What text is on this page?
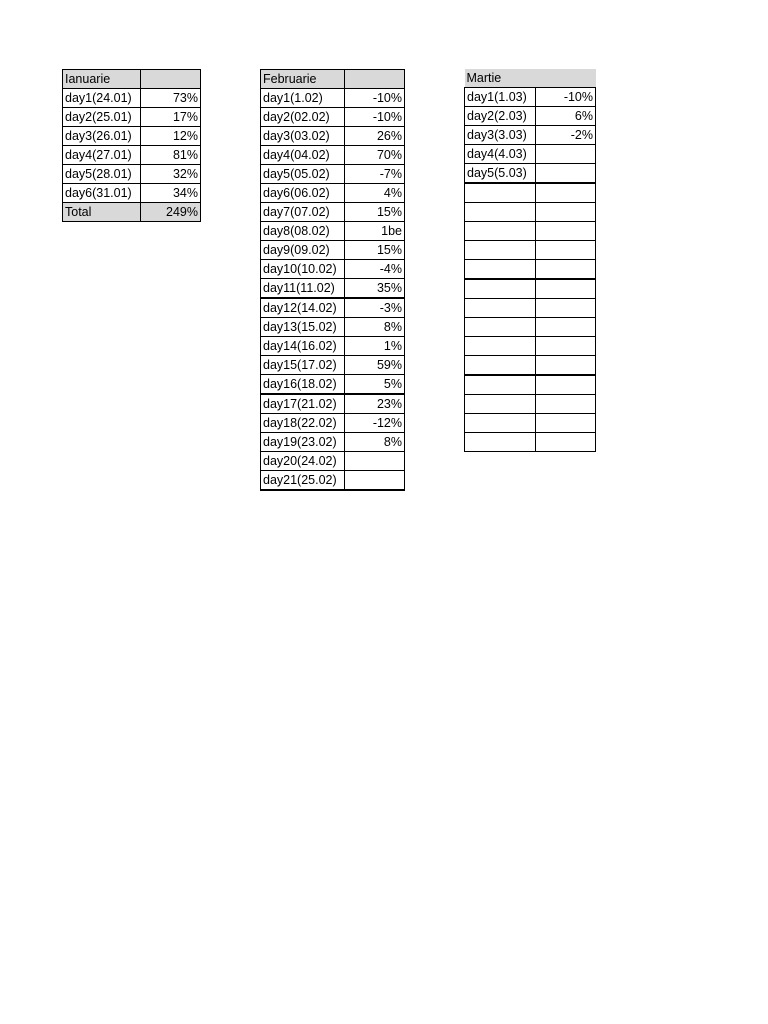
Ianuarie	
day1(24.01)	73%
day2(25.01)	17%
day3(26.01)	12%
day4(27.01)	81%
day5(28.01)	32%
day6(31.01)	34%
Total	249%
Februarie	
day1(1.02)	-10%
day2(02.02)	-10%
day3(03.02)	26%
day4(04.02)	70%
day5(05.02)	-7%
day6(06.02)	4%
day7(07.02)	15%
day8(08.02)	1be
day9(09.02)	15%
day10(10.02)	-4%
day11(11.02)	35%
day12(14.02)	-3%
day13(15.02)	8%
day14(16.02)	1%
day15(17.02)	59%
day16(18.02)	5%
day17(21.02)	23%
day18(22.02)	-12%
day19(23.02)	8%
day20(24.02)	
day21(25.02)	
Martie	
day1(1.03)	-10%
day2(2.03)	6%
day3(3.03)	-2%
day4(4.03)	
day5(5.03)	
